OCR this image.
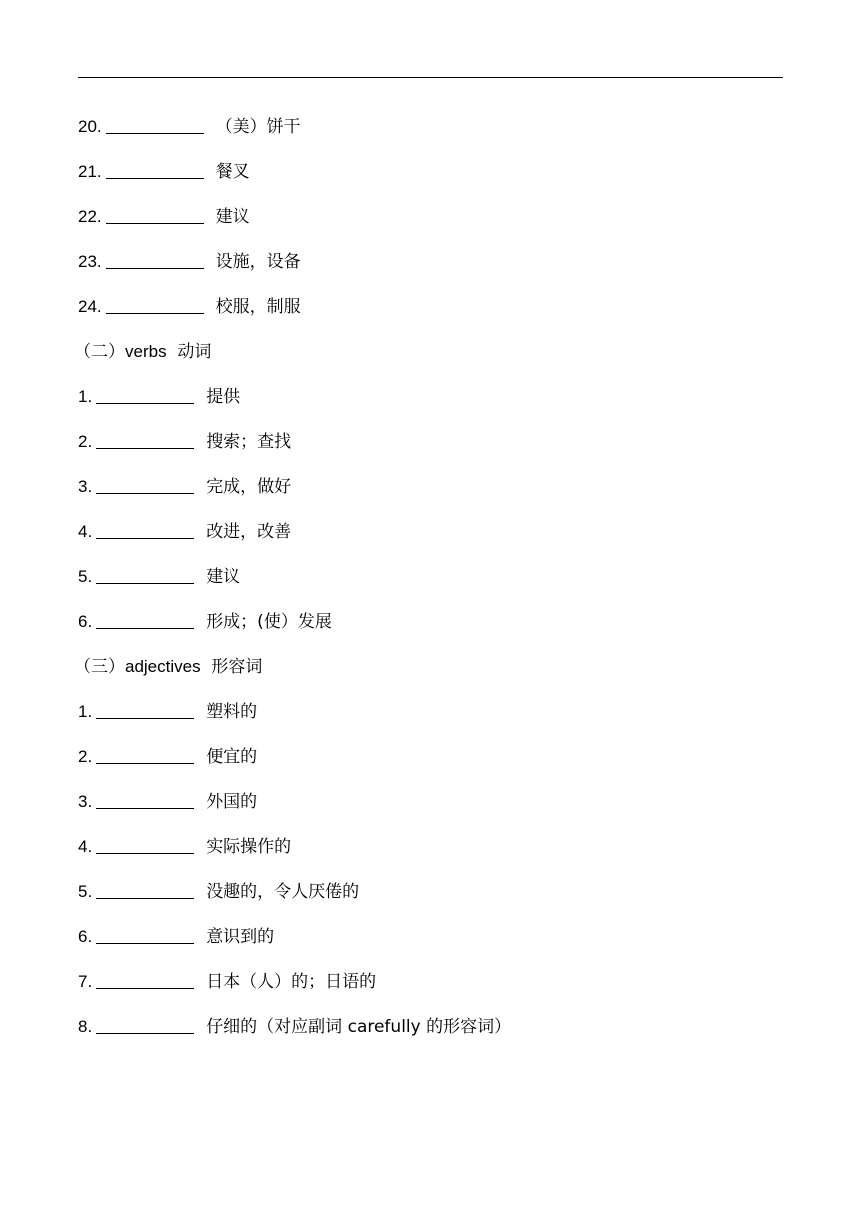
20.	（美）饼干
21.	餐叉
22.	建议
23.	设施，设备
24.	校服，制服
（二）verbs 动词
1.	提供
2.	搜索；查找
3.	完成，做好
4.	改进，改善
5.	建议
6.	形成；(使）发展
（三）adjectives 形容词
1.	塑料的
2.	便宜的
3.	外国的
4.	实际操作的
5.	没趣的，令人厌倦的
6.	意识到的
7.	日本（人）的；日语的
8.	仔细的（对应副词 carefully 的形容词）
